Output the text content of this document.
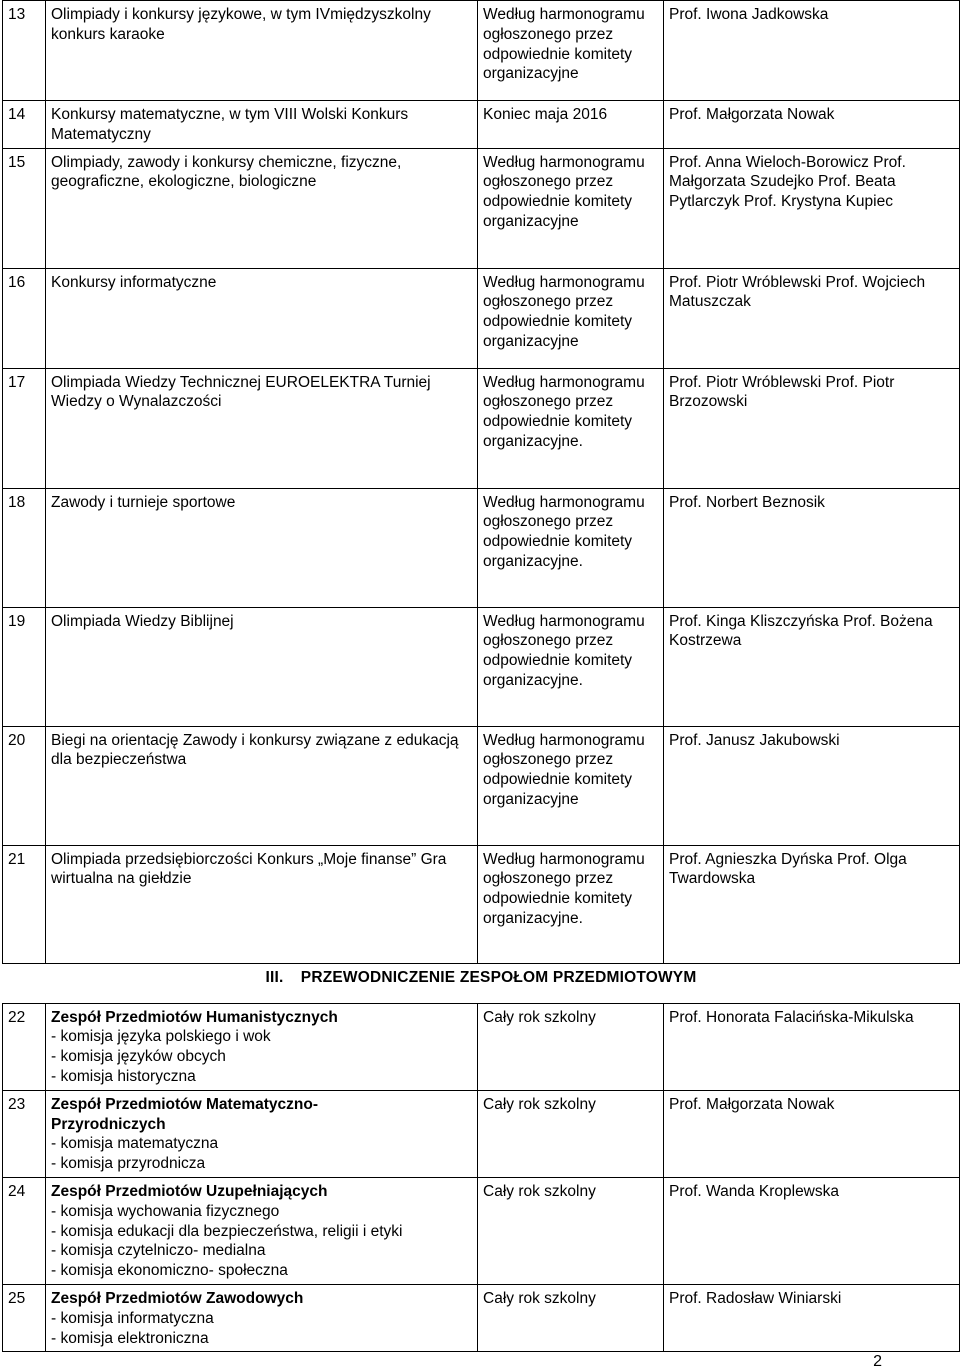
13	Olimpiady i konkursy językowe, w tym IVmiędzyszkolny konkurs karaoke	Według harmonogramu ogłoszonego przez odpowiednie komitety organizacyjne	Prof. Iwona Jadkowska
14	Konkursy matematyczne, w tym VIII Wolski Konkurs Matematyczny	Koniec maja 2016	Prof. Małgorzata Nowak
15	Olimpiady, zawody i konkursy chemiczne, fizyczne, geograficzne, ekologiczne, biologiczne	Według harmonogramu ogłoszonego przez odpowiednie komitety organizacyjne	Prof. Anna Wieloch-Borowicz Prof. Małgorzata Szudejko Prof. Beata Pytlarczyk Prof. Krystyna Kupiec
16	Konkursy informatyczne	Według harmonogramu ogłoszonego przez odpowiednie komitety organizacyjne	Prof. Piotr Wróblewski Prof. Wojciech Matuszczak
17	Olimpiada Wiedzy Technicznej EUROELEKTRA Turniej Wiedzy o Wynalazczości	Według harmonogramu ogłoszonego przez odpowiednie komitety organizacyjne.	Prof. Piotr Wróblewski Prof. Piotr Brzozowski
18	Zawody i turnieje sportowe	Według harmonogramu ogłoszonego przez odpowiednie komitety organizacyjne.	Prof. Norbert Beznosik
19	Olimpiada Wiedzy Biblijnej	Według harmonogramu ogłoszonego przez odpowiednie komitety organizacyjne.	Prof. Kinga Kliszczyńska Prof. Bożena Kostrzewa
20	Biegi na orientację Zawody i konkursy związane z edukacją dla bezpieczeństwa	Według harmonogramu ogłoszonego przez odpowiednie komitety organizacyjne	Prof. Janusz Jakubowski
21	Olimpiada przedsiębiorczości Konkurs „Moje finanse” Gra wirtualna na giełdzie	Według harmonogramu ogłoszonego przez odpowiednie komitety organizacyjne.	Prof. Agnieszka Dyńska Prof. Olga Twardowska
III. PRZEWODNICZENIE ZESPOŁOM PRZEDMIOTOWYM			
22	Zespół Przedmiotów Humanistycznych
- komisja języka polskiego i wok
- komisja języków obcych
- komisja historyczna	Cały rok szkolny	Prof. Honorata Falacińska-Mikulska
23	Zespół Przedmiotów Matematyczno-
Przyrodniczych
- komisja matematyczna
- komisja przyrodnicza	Cały rok szkolny	Prof. Małgorzata Nowak
24	Zespół Przedmiotów Uzupełniających
- komisja wychowania fizycznego
- komisja edukacji dla bezpieczeństwa, religii i etyki
- komisja czytelniczo- medialna
- komisja ekonomiczno- społeczna	Cały rok szkolny	Prof. Wanda Kroplewska
25	Zespół Przedmiotów Zawodowych
- komisja informatyczna
- komisja elektroniczna	Cały rok szkolny	Prof. Radosław Winiarski
2
